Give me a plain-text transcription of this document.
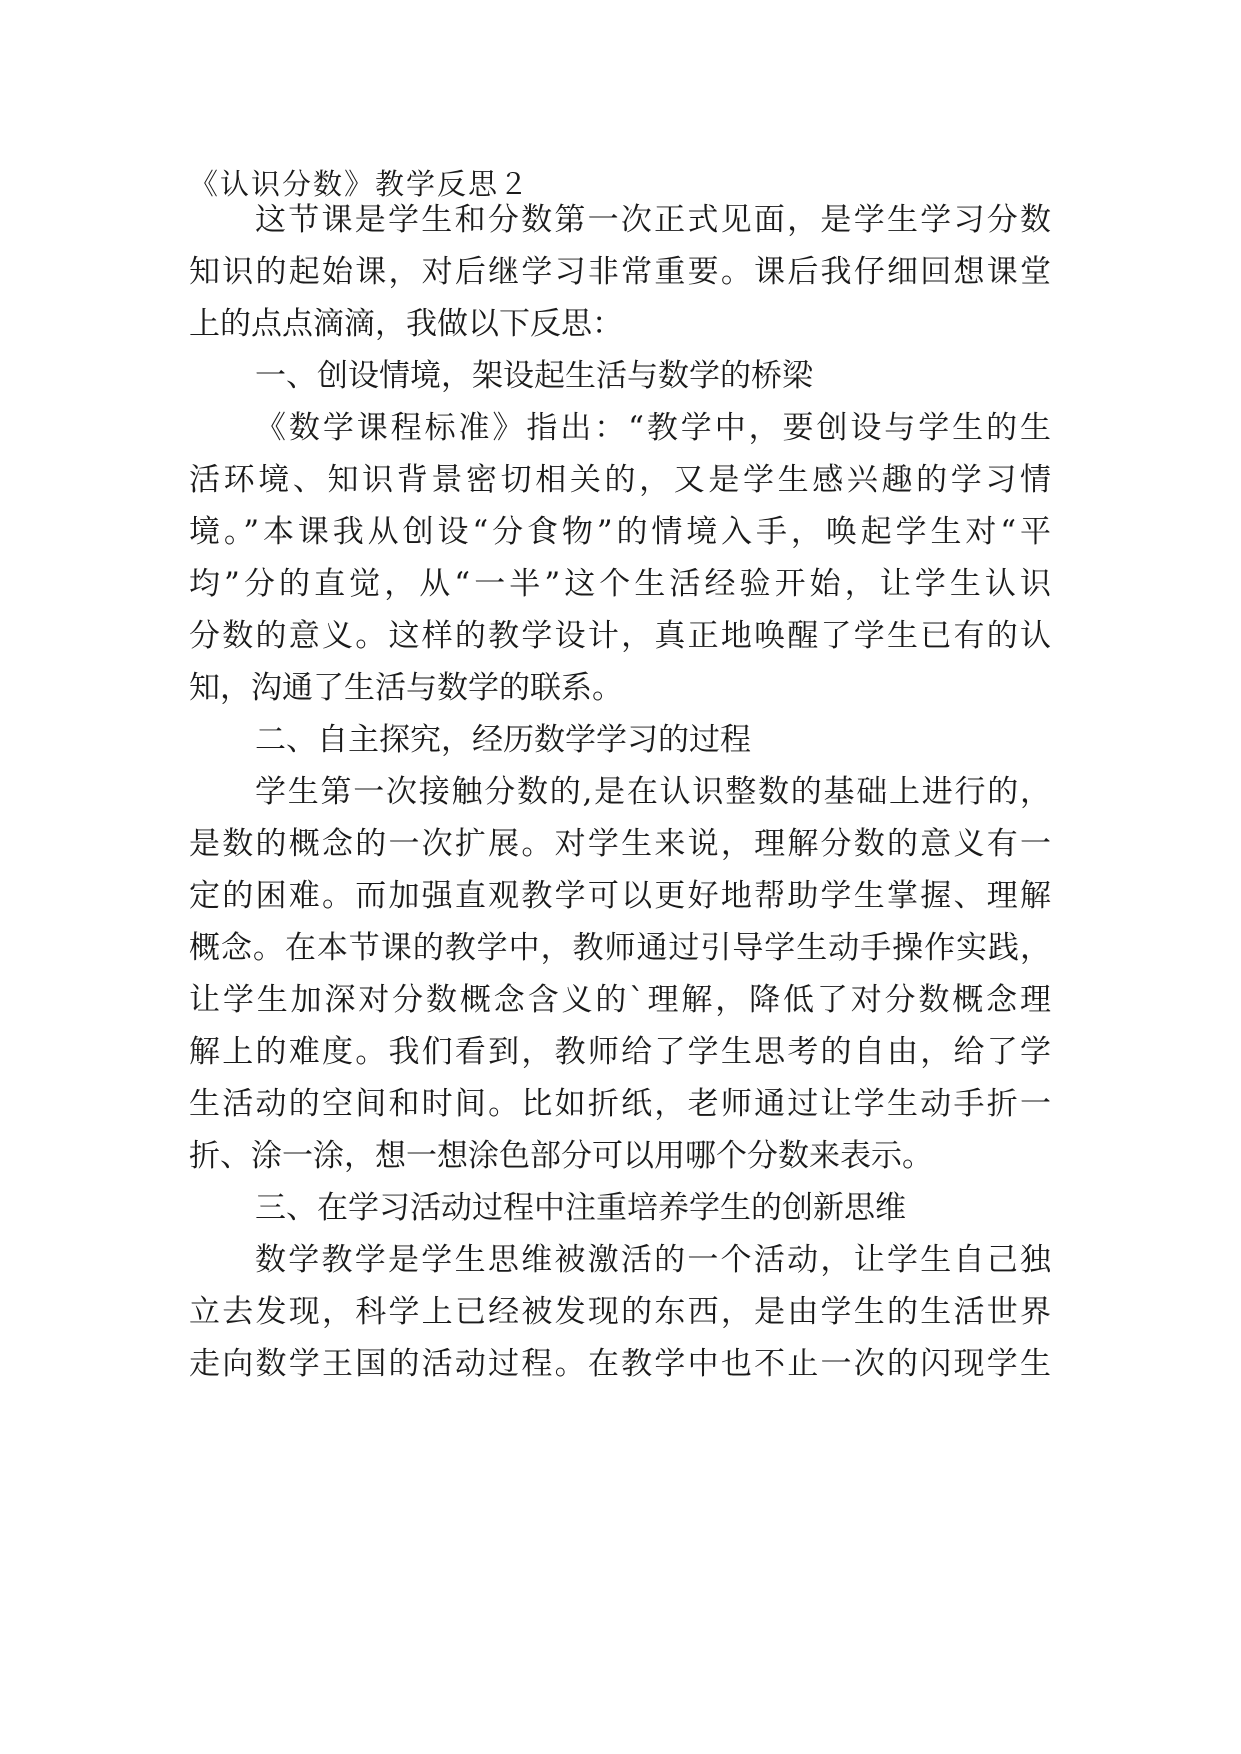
《认识分数》教学反思２
这节课是学生和分数第一次正式见面，是学生学习分数
知识的起始课，对后继学习非常重要。课后我仔细回想课堂
上的点点滴滴，我做以下反思：
一、创设情境，架设起生活与数学的桥梁
《数学课程标准》指出：“教学中，要创设与学生的生
活环境、知识背景密切相关的，又是学生感兴趣的学习情
境。”本课我从创设“分食物”的情境入手，唤起学生对“平
均”分的直觉，从“一半”这个生活经验开始，让学生认识
分数的意义。这样的教学设计，真正地唤醒了学生已有的认
知，沟通了生活与数学的联系。
二、自主探究，经历数学学习的过程
学生第一次接触分数的,是在认识整数的基础上进行的，
是数的概念的一次扩展。对学生来说，理解分数的意义有一
定的困难。而加强直观教学可以更好地帮助学生掌握、理解
概念。在本节课的教学中，教师通过引导学生动手操作实践，
让学生加深对分数概念含义的`理解，降低了对分数概念理
解上的难度。我们看到，教师给了学生思考的自由，给了学
生活动的空间和时间。比如折纸，老师通过让学生动手折一
折、涂一涂，想一想涂色部分可以用哪个分数来表示。
三、在学习活动过程中注重培养学生的创新思维
数学教学是学生思维被激活的一个活动，让学生自己独
立去发现，科学上已经被发现的东西，是由学生的生活世界
走向数学王国的活动过程。在教学中也不止一次的闪现学生
